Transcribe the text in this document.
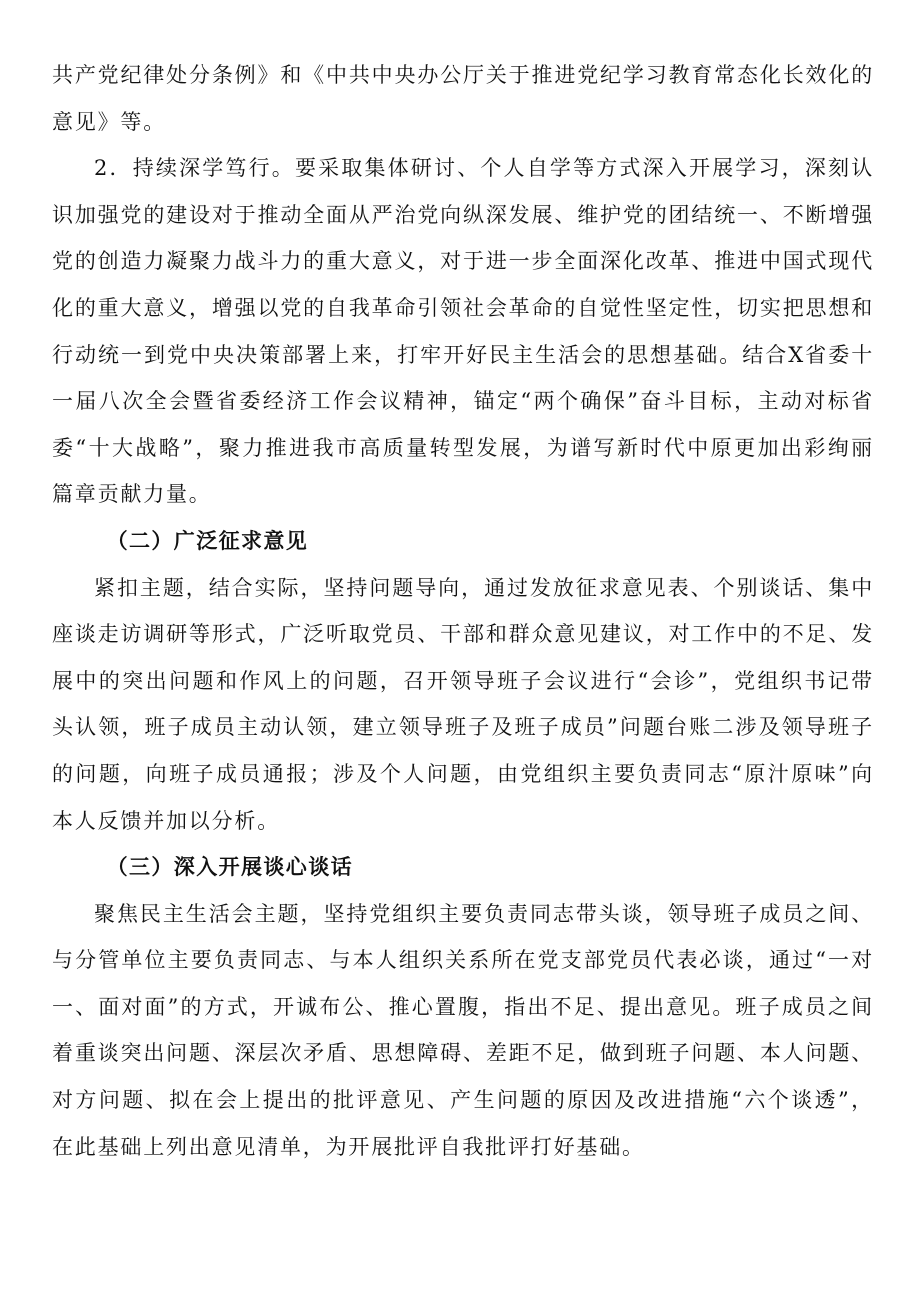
共产党纪律处分条例》和《中共中央办公厅关于推进党纪学习教育常态化长效化的意见》等。

2．持续深学笃行。要采取集体研讨、个人自学等方式深入开展学习，深刻认识加强党的建设对于推动全面从严治党向纵深发展、维护党的团结统一、不断增强党的创造力凝聚力战斗力的重大意义，对于进一步全面深化改革、推进中国式现代化的重大意义，增强以党的自我革命引领社会革命的自觉性坚定性，切实把思想和行动统一到党中央决策部署上来，打牢开好民主生活会的思想基础。结合X省委十一届八次全会暨省委经济工作会议精神，锚定“两个确保”奋斗目标，主动对标省委“十大战略”，聚力推进我市高质量转型发展，为谱写新时代中原更加出彩绚丽篇章贡献力量。

（二）广泛征求意见

紧扣主题，结合实际，坚持问题导向，通过发放征求意见表、个别谈话、集中座谈走访调研等形式，广泛听取党员、干部和群众意见建议，对工作中的不足、发展中的突出问题和作风上的问题，召开领导班子会议进行“会诊”，党组织书记带头认领，班子成员主动认领，建立领导班子及班子成员”问题台账二涉及领导班子的问题，向班子成员通报；涉及个人问题，由党组织主要负责同志“原汁原味”向本人反馈并加以分析。

（三）深入开展谈心谈话

聚焦民主生活会主题，坚持党组织主要负责同志带头谈，领导班子成员之间、与分管单位主要负责同志、与本人组织关系所在党支部党员代表必谈，通过“一对一、面对面”的方式，开诚布公、推心置腹，指出不足、提出意见。班子成员之间着重谈突出问题、深层次矛盾、思想障碍、差距不足，做到班子问题、本人问题、对方问题、拟在会上提出的批评意见、产生问题的原因及改进措施“六个谈透”，在此基础上列出意见清单，为开展批评自我批评打好基础。
